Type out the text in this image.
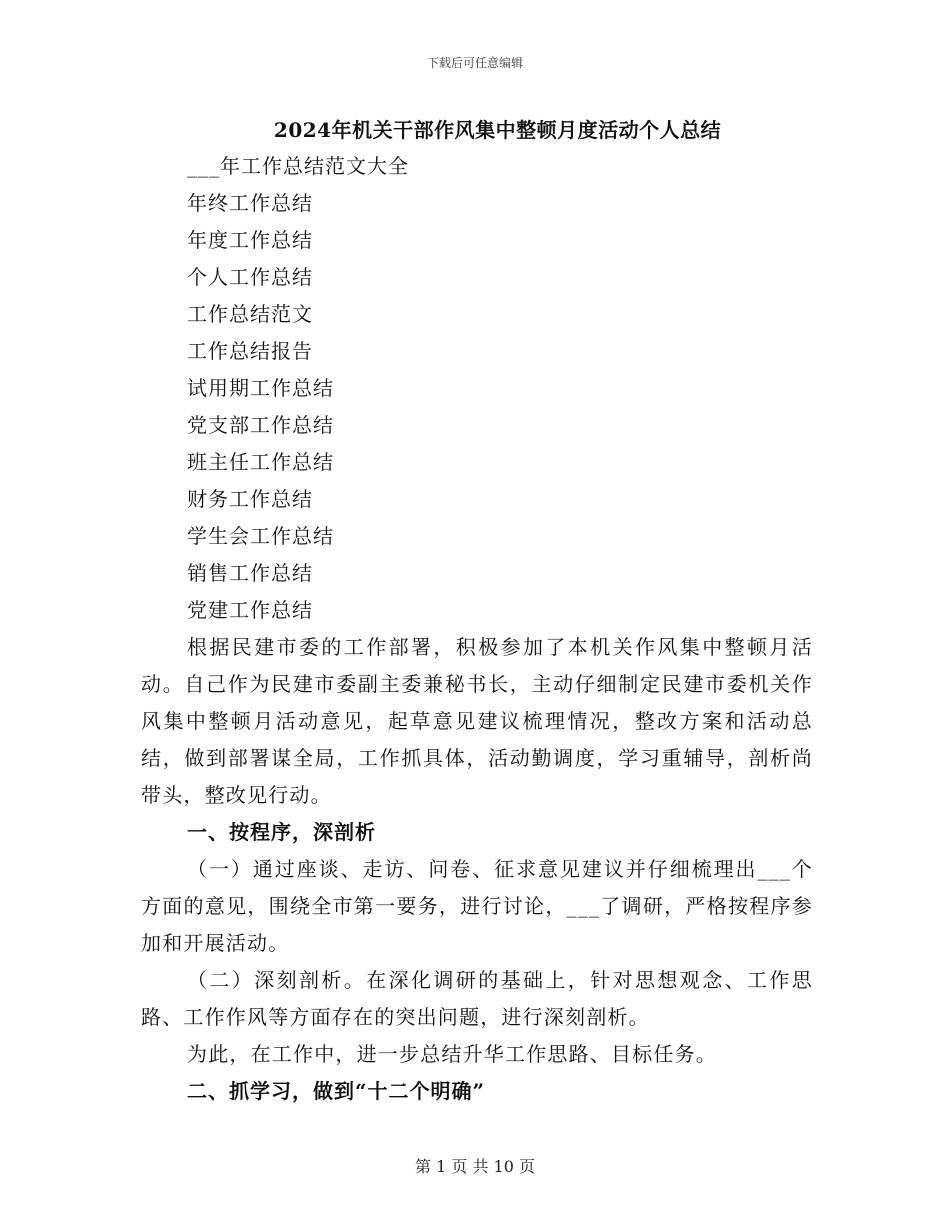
下载后可任意编辑
2024年机关干部作风集中整顿月度活动个人总结
___年工作总结范文大全
年终工作总结
年度工作总结
个人工作总结
工作总结范文
工作总结报告
试用期工作总结
党支部工作总结
班主任工作总结
财务工作总结
学生会工作总结
销售工作总结
党建工作总结

根据民建市委的工作部署，积极参加了本机关作风集中整顿月活动。自己作为民建市委副主委兼秘书长，主动仔细制定民建市委机关作风集中整顿月活动意见，起草意见建议梳理情况，整改方案和活动总结，做到部署谋全局，工作抓具体，活动勤调度，学习重辅导，剖析尚带头，整改见行动。

一、按程序，深剖析

（一）通过座谈、走访、问卷、征求意见建议并仔细梳理出___个方面的意见，围绕全市第一要务，进行讨论，___了调研，严格按程序参加和开展活动。

（二）深刻剖析。在深化调研的基础上，针对思想观念、工作思路、工作作风等方面存在的突出问题，进行深刻剖析。

为此，在工作中，进一步总结升华工作思路、目标任务。

二、抓学习，做到“十二个明确”

第 1 页 共 10 页
